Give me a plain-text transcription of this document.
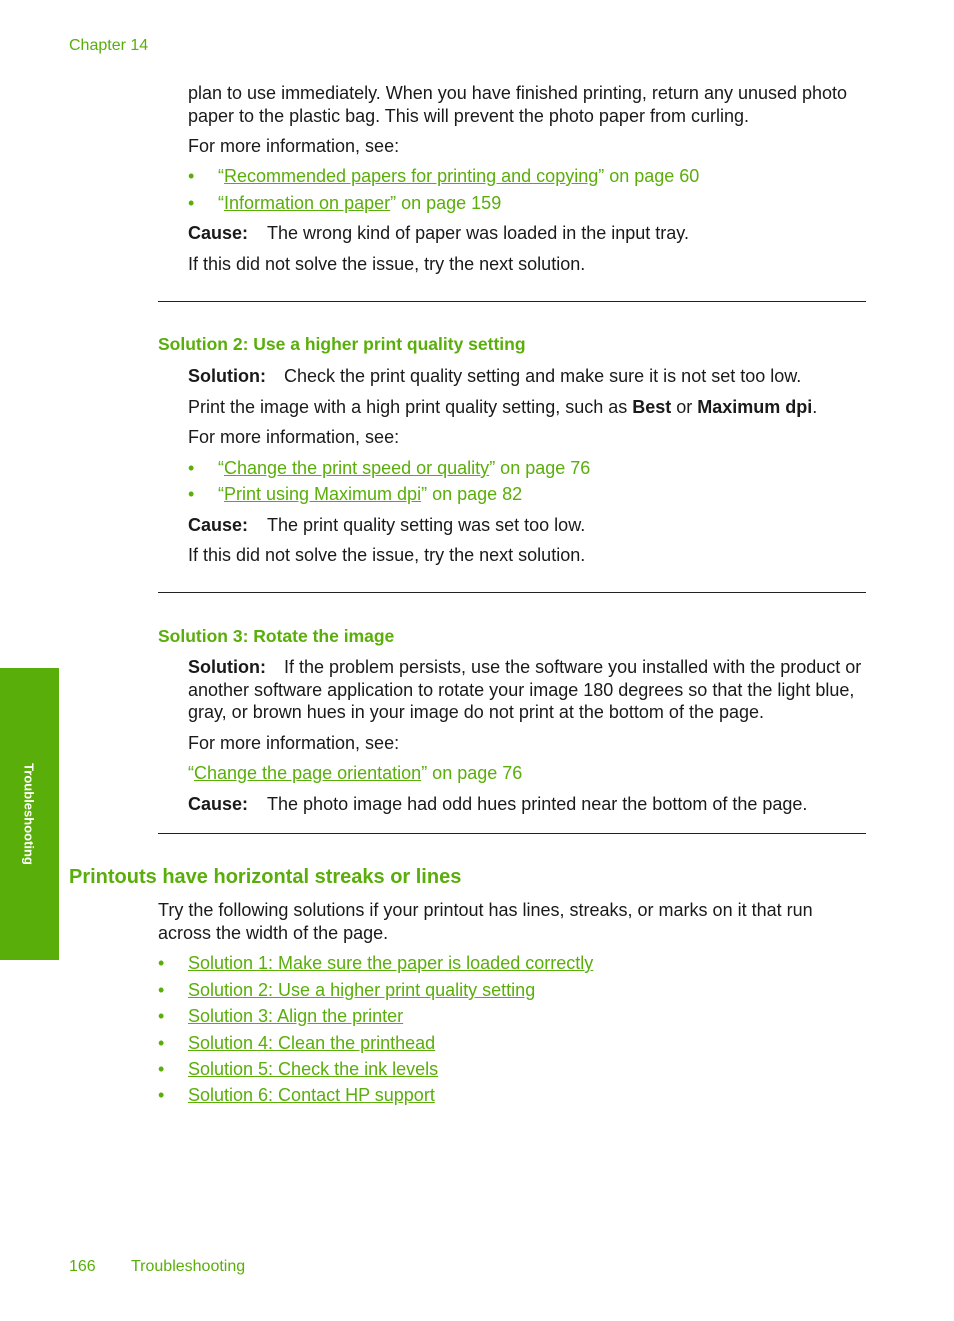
Chapter 14

plan to use immediately. When you have finished printing, return any unused photo paper to the plastic bag. This will prevent the photo paper from curling.

For more information, see:

• “Recommended papers for printing and copying” on page 60
• “Information on paper” on page 159

Cause: The wrong kind of paper was loaded in the input tray.

If this did not solve the issue, try the next solution.

Solution 2: Use a higher print quality setting

Solution: Check the print quality setting and make sure it is not set too low.

Print the image with a high print quality setting, such as Best or Maximum dpi.

For more information, see:

• “Change the print speed or quality” on page 76
• “Print using Maximum dpi” on page 82

Cause: The print quality setting was set too low.

If this did not solve the issue, try the next solution.

Solution 3: Rotate the image

Solution: If the problem persists, use the software you installed with the product or another software application to rotate your image 180 degrees so that the light blue, gray, or brown hues in your image do not print at the bottom of the page.

For more information, see:

“Change the page orientation” on page 76

Cause: The photo image had odd hues printed near the bottom of the page.

Printouts have horizontal streaks or lines

Try the following solutions if your printout has lines, streaks, or marks on it that run across the width of the page.

• Solution 1: Make sure the paper is loaded correctly
• Solution 2: Use a higher print quality setting
• Solution 3: Align the printer
• Solution 4: Clean the printhead
• Solution 5: Check the ink levels
• Solution 6: Contact HP support
Troubleshooting
166 Troubleshooting
